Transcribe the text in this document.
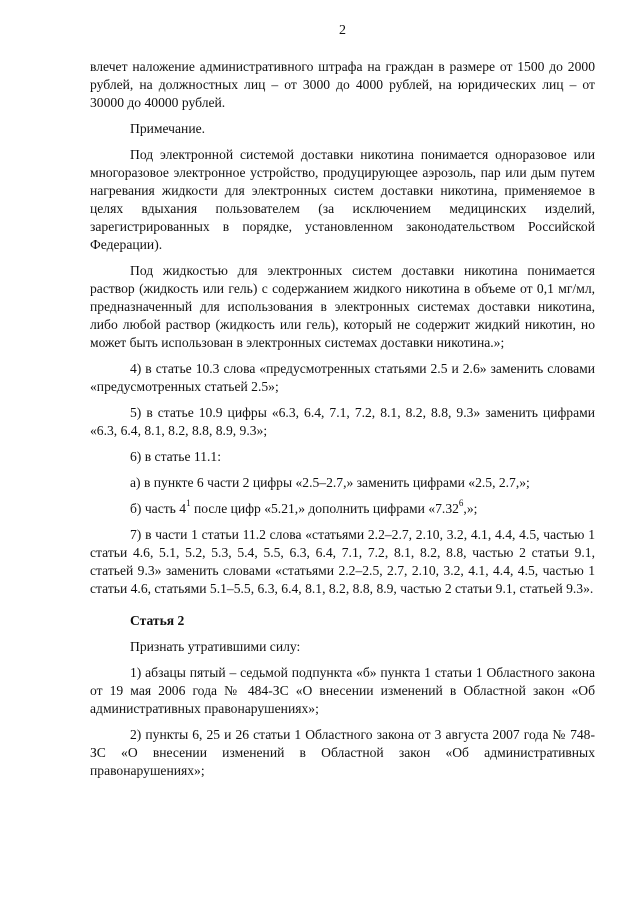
2

влечет наложение административного штрафа на граждан в размере от 1500 до 2000 рублей, на должностных лиц – от 3000 до 4000 рублей, на юридических лиц – от 30000 до 40000 рублей.

Примечание.

Под электронной системой доставки никотина понимается одноразовое или многоразовое электронное устройство, продуцирующее аэрозоль, пар или дым путем нагревания жидкости для электронных систем доставки никотина, применяемое в целях вдыхания пользователем (за исключением медицинских изделий, зарегистрированных в порядке, установленном законодательством Российской Федерации).

Под жидкостью для электронных систем доставки никотина понимается раствор (жидкость или гель) с содержанием жидкого никотина в объеме от 0,1 мг/мл, предназначенный для использования в электронных системах доставки никотина, либо любой раствор (жидкость или гель), который не содержит жидкий никотин, но может быть использован в электронных системах доставки никотина.»;

4) в статье 10.3 слова «предусмотренных статьями 2.5 и 2.6» заменить словами «предусмотренных статьей 2.5»;

5) в статье 10.9 цифры «6.3, 6.4, 7.1, 7.2, 8.1, 8.2, 8.8, 9.3» заменить цифрами «6.3, 6.4, 8.1, 8.2, 8.8, 8.9, 9.3»;

6) в статье 11.1:

а) в пункте 6 части 2 цифры «2.5–2.7,» заменить цифрами «2.5, 2.7,»;

б) часть $4^1$ после цифр «5.21,» дополнить цифрами «7.32$^6$,»;

7) в части 1 статьи 11.2 слова «статьями 2.2–2.7, 2.10, 3.2, 4.1, 4.4, 4.5, частью 1 статьи 4.6, 5.1, 5.2, 5.3, 5.4, 5.5, 6.3, 6.4, 7.1, 7.2, 8.1, 8.2, 8.8, частью 2 статьи 9.1, статьей 9.3» заменить словами «статьями 2.2–2.5, 2.7, 2.10, 3.2, 4.1, 4.4, 4.5, частью 1 статьи 4.6, статьями 5.1–5.5, 6.3, 6.4, 8.1, 8.2, 8.8, 8.9, частью 2 статьи 9.1, статьей 9.3».

Статья 2

Признать утратившими силу:

1) абзацы пятый – седьмой подпункта «б» пункта 1 статьи 1 Областного закона от 19 мая 2006 года № 484-ЗС «О внесении изменений в Областной закон «Об административных правонарушениях»;

2) пункты 6, 25 и 26 статьи 1 Областного закона от 3 августа 2007 года № 748-ЗС «О внесении изменений в Областной закон «Об административных правонарушениях»;
